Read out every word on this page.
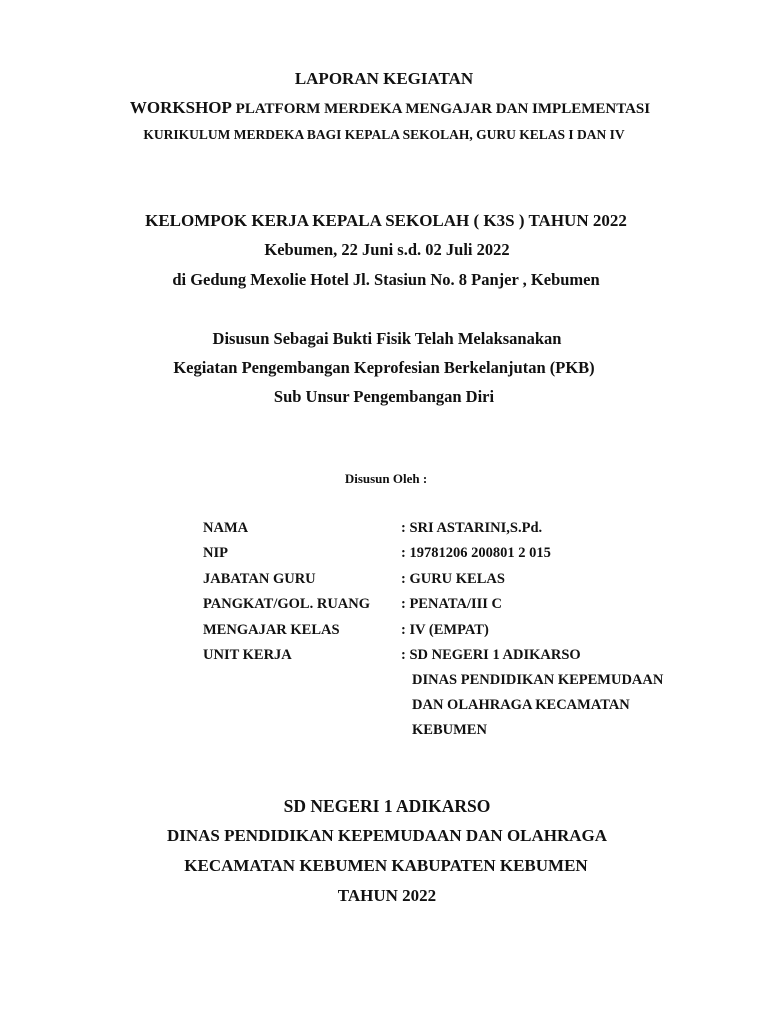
LAPORAN KEGIATAN
WORKSHOP PLATFORM MERDEKA MENGAJAR DAN IMPLEMENTASI
KURIKULUM MERDEKA BAGI KEPALA SEKOLAH, GURU KELAS I DAN IV
KELOMPOK KERJA KEPALA SEKOLAH ( K3S ) TAHUN 2022
Kebumen, 22 Juni s.d. 02 Juli 2022
di Gedung Mexolie Hotel Jl. Stasiun No. 8 Panjer , Kebumen
Disusun Sebagai Bukti Fisik Telah Melaksanakan
Kegiatan Pengembangan Keprofesian Berkelanjutan (PKB)
Sub Unsur Pengembangan Diri
Disusun Oleh :
NAMA	: SRI ASTARINI,S.Pd.
NIP	: 19781206 200801 2 015
JABATAN GURU	: GURU KELAS
PANGKAT/GOL. RUANG : PENATA/III C
MENGAJAR KELAS	: IV (EMPAT)
UNIT KERJA	: SD NEGERI 1 ADIKARSO
DINAS PENDIDIKAN KEPEMUDAAN
DAN OLAHRAGA KECAMATAN
KEBUMEN
SD NEGERI 1 ADIKARSO
DINAS PENDIDIKAN KEPEMUDAAN DAN OLAHRAGA
KECAMATAN KEBUMEN KABUPATEN KEBUMEN
TAHUN 2022
